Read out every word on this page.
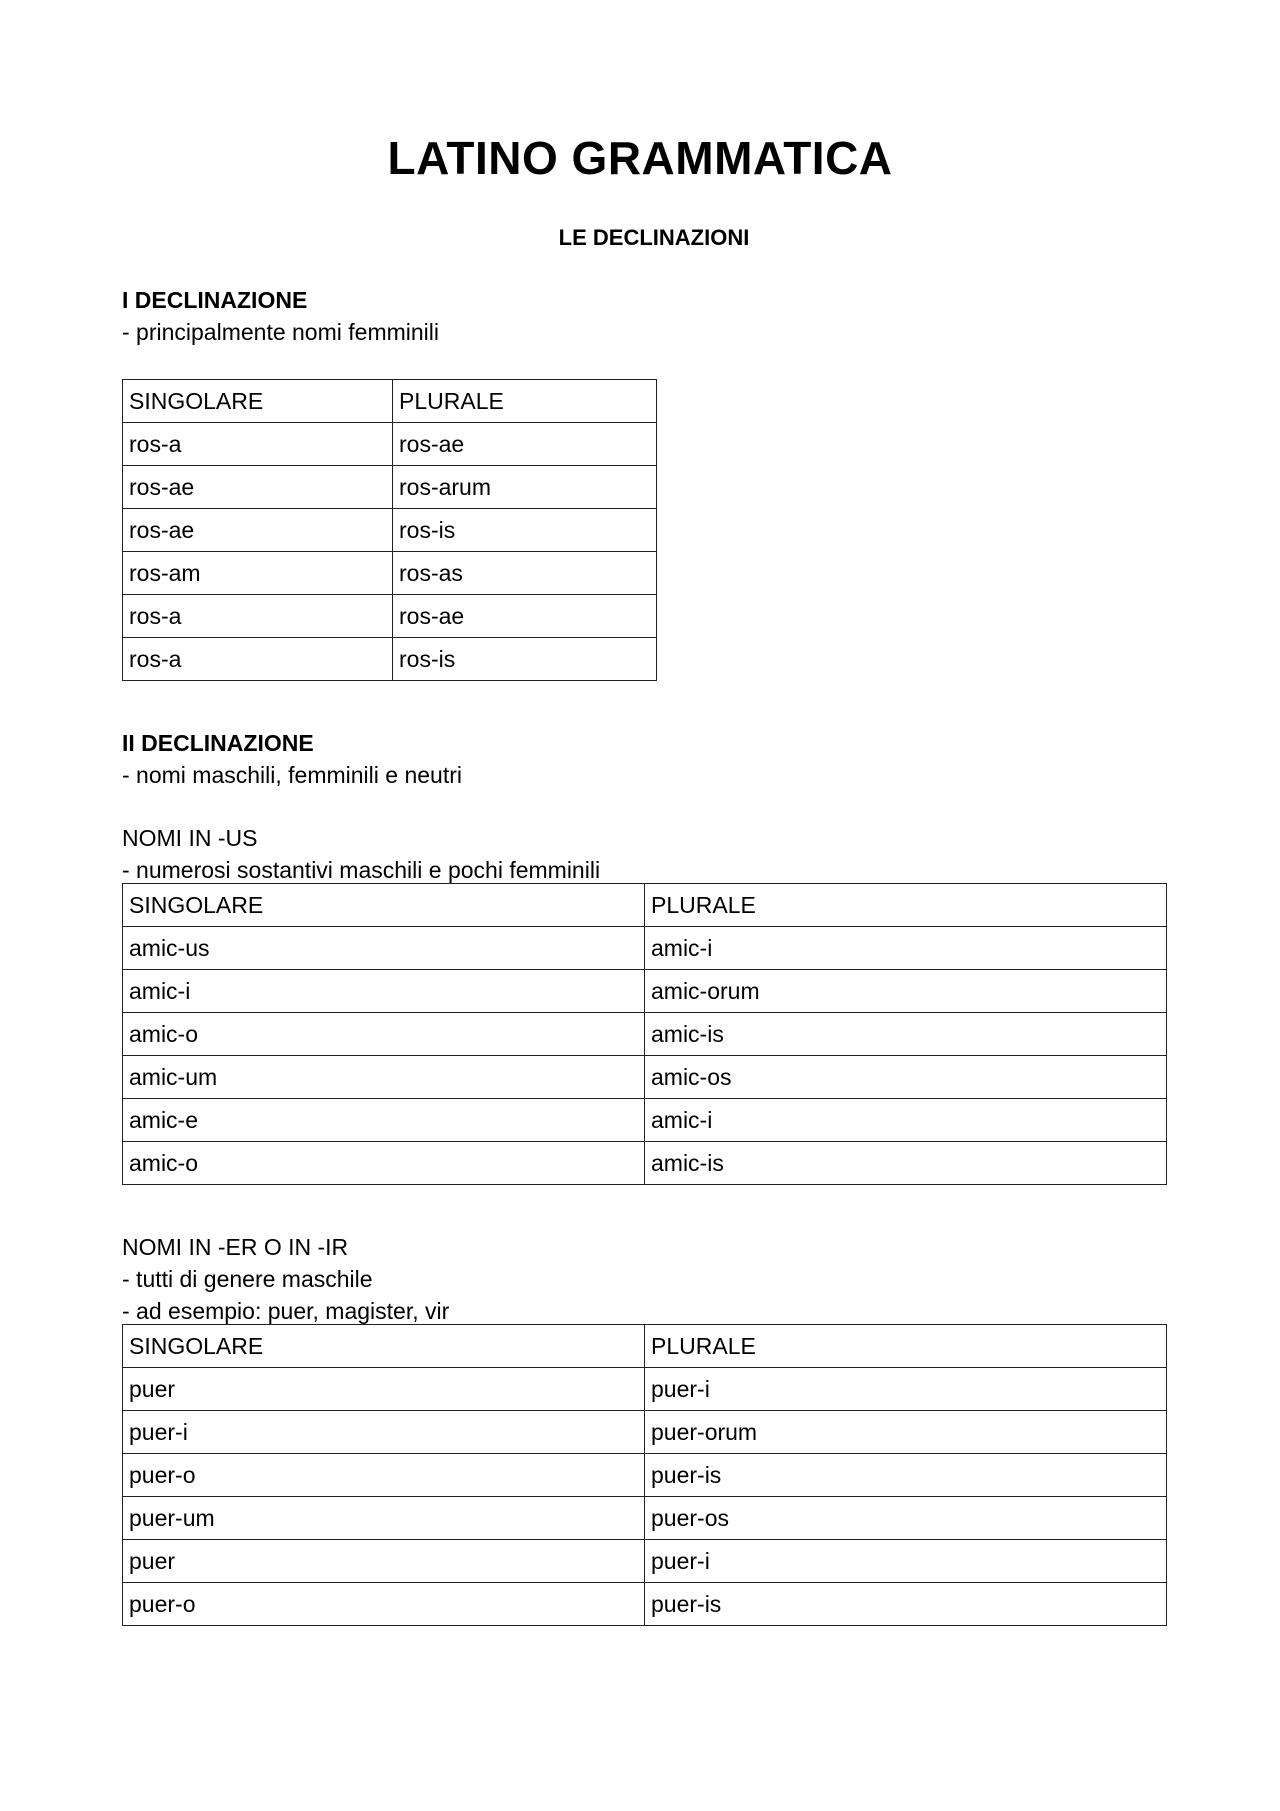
LATINO GRAMMATICA
LE DECLINAZIONI
I DECLINAZIONE
- principalmente nomi femminili
SINGOLARE	PLURALE
ros-a	ros-ae
ros-ae	ros-arum
ros-ae	ros-is
ros-am	ros-as
ros-a	ros-ae
ros-a	ros-is
II DECLINAZIONE
- nomi maschili, femminili e neutri
NOMI IN -US
- numerosi sostantivi maschili e pochi femminili
SINGOLARE	PLURALE
amic-us	amic-i
amic-i	amic-orum
amic-o	amic-is
amic-um	amic-os
amic-e	amic-i
amic-o	amic-is
NOMI IN -ER O IN -IR
- tutti di genere maschile
- ad esempio: puer, magister, vir
SINGOLARE	PLURALE
puer	puer-i
puer-i	puer-orum
puer-o	puer-is
puer-um	puer-os
puer	puer-i
puer-o	puer-is
